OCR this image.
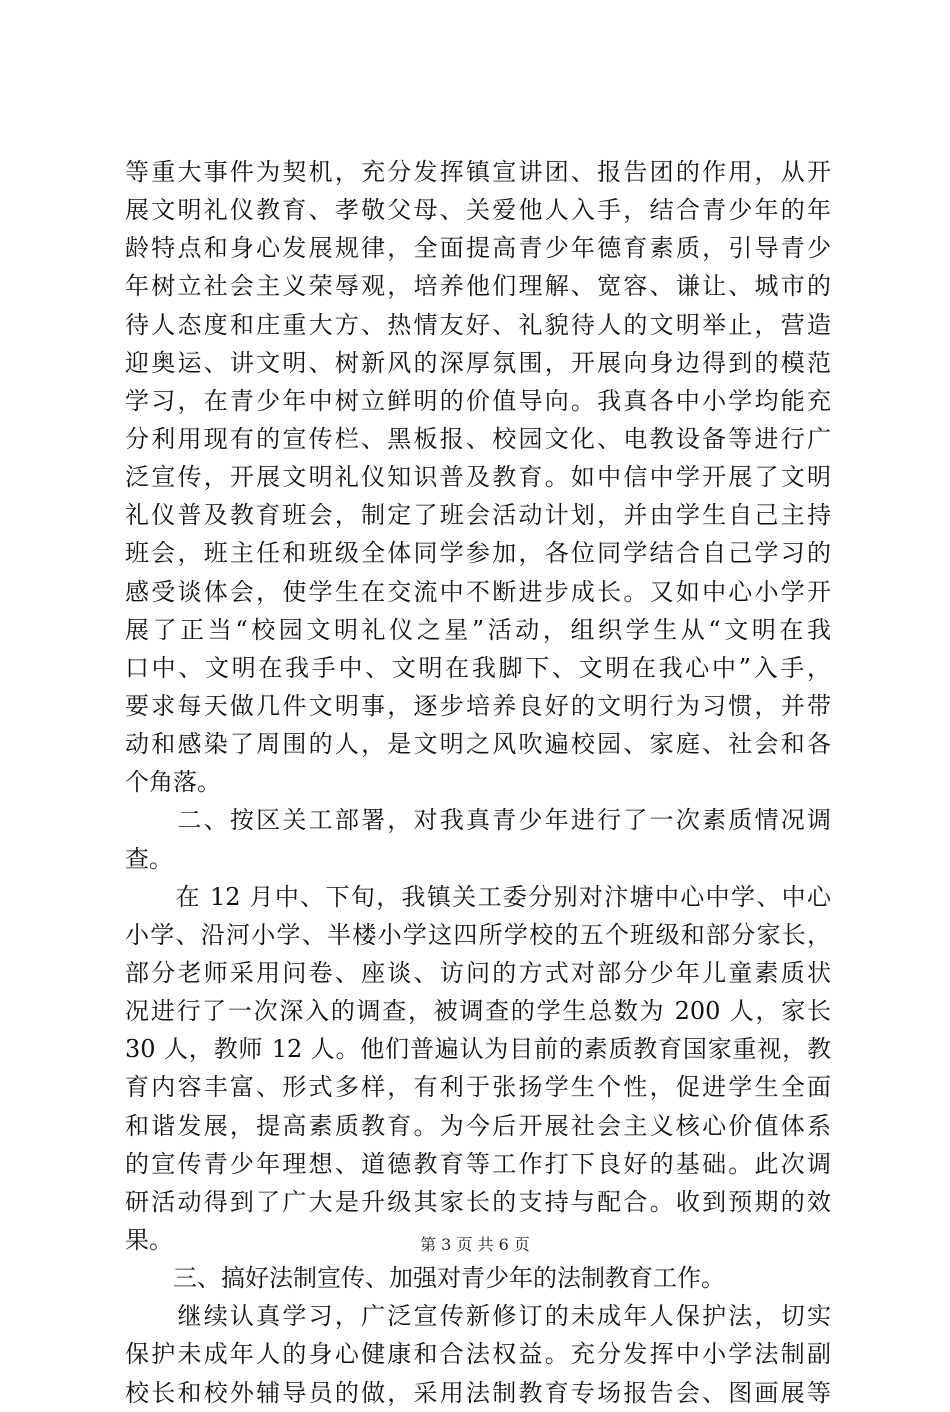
等重大事件为契机，充分发挥镇宣讲团、报告团的作用，从开
展文明礼仪教育、孝敬父母、关爱他人入手，结合青少年的年
龄特点和身心发展规律，全面提高青少年德育素质，引导青少
年树立社会主义荣辱观，培养他们理解、宽容、谦让、城市的
待人态度和庄重大方、热情友好、礼貌待人的文明举止，营造
迎奥运、讲文明、树新风的深厚氛围，开展向身边得到的模范
学习，在青少年中树立鲜明的价值导向。我真各中小学均能充
分利用现有的宣传栏、黑板报、校园文化、电教设备等进行广
泛宣传，开展文明礼仪知识普及教育。如中信中学开展了文明
礼仪普及教育班会，制定了班会活动计划，并由学生自己主持
班会，班主任和班级全体同学参加，各位同学结合自己学习的
感受谈体会，使学生在交流中不断进步成长。又如中心小学开
展了正当“校园文明礼仪之星”活动，组织学生从“文明在我
口中、文明在我手中、文明在我脚下、文明在我心中”入手，
要求每天做几件文明事，逐步培养良好的文明行为习惯，并带
动和感染了周围的人，是文明之风吹遍校园、家庭、社会和各
个角落。
　　二、按区关工部署，对我真青少年进行了一次素质情况调
查。
　　在 12 月中、下旬，我镇关工委分别对汴塘中心中学、中心
小学、沿河小学、半楼小学这四所学校的五个班级和部分家长，
部分老师采用问卷、座谈、访问的方式对部分少年儿童素质状
况进行了一次深入的调查，被调查的学生总数为 200 人，家长
30 人，教师 12 人。他们普遍认为目前的素质教育国家重视，教
育内容丰富、形式多样，有利于张扬学生个性，促进学生全面
和谐发展，提高素质教育。为今后开展社会主义核心价值体系
的宣传青少年理想、道德教育等工作打下良好的基础。此次调
研活动得到了广大是升级其家长的支持与配合。收到预期的效
果。
　　三、搞好法制宣传、加强对青少年的法制教育工作。
　　继续认真学习，广泛宣传新修订的未成年人保护法，切实
保护未成年人的身心健康和合法权益。充分发挥中小学法制副
校长和校外辅导员的做，采用法制教育专场报告会、图画展等
第 3 页 共 6 页
